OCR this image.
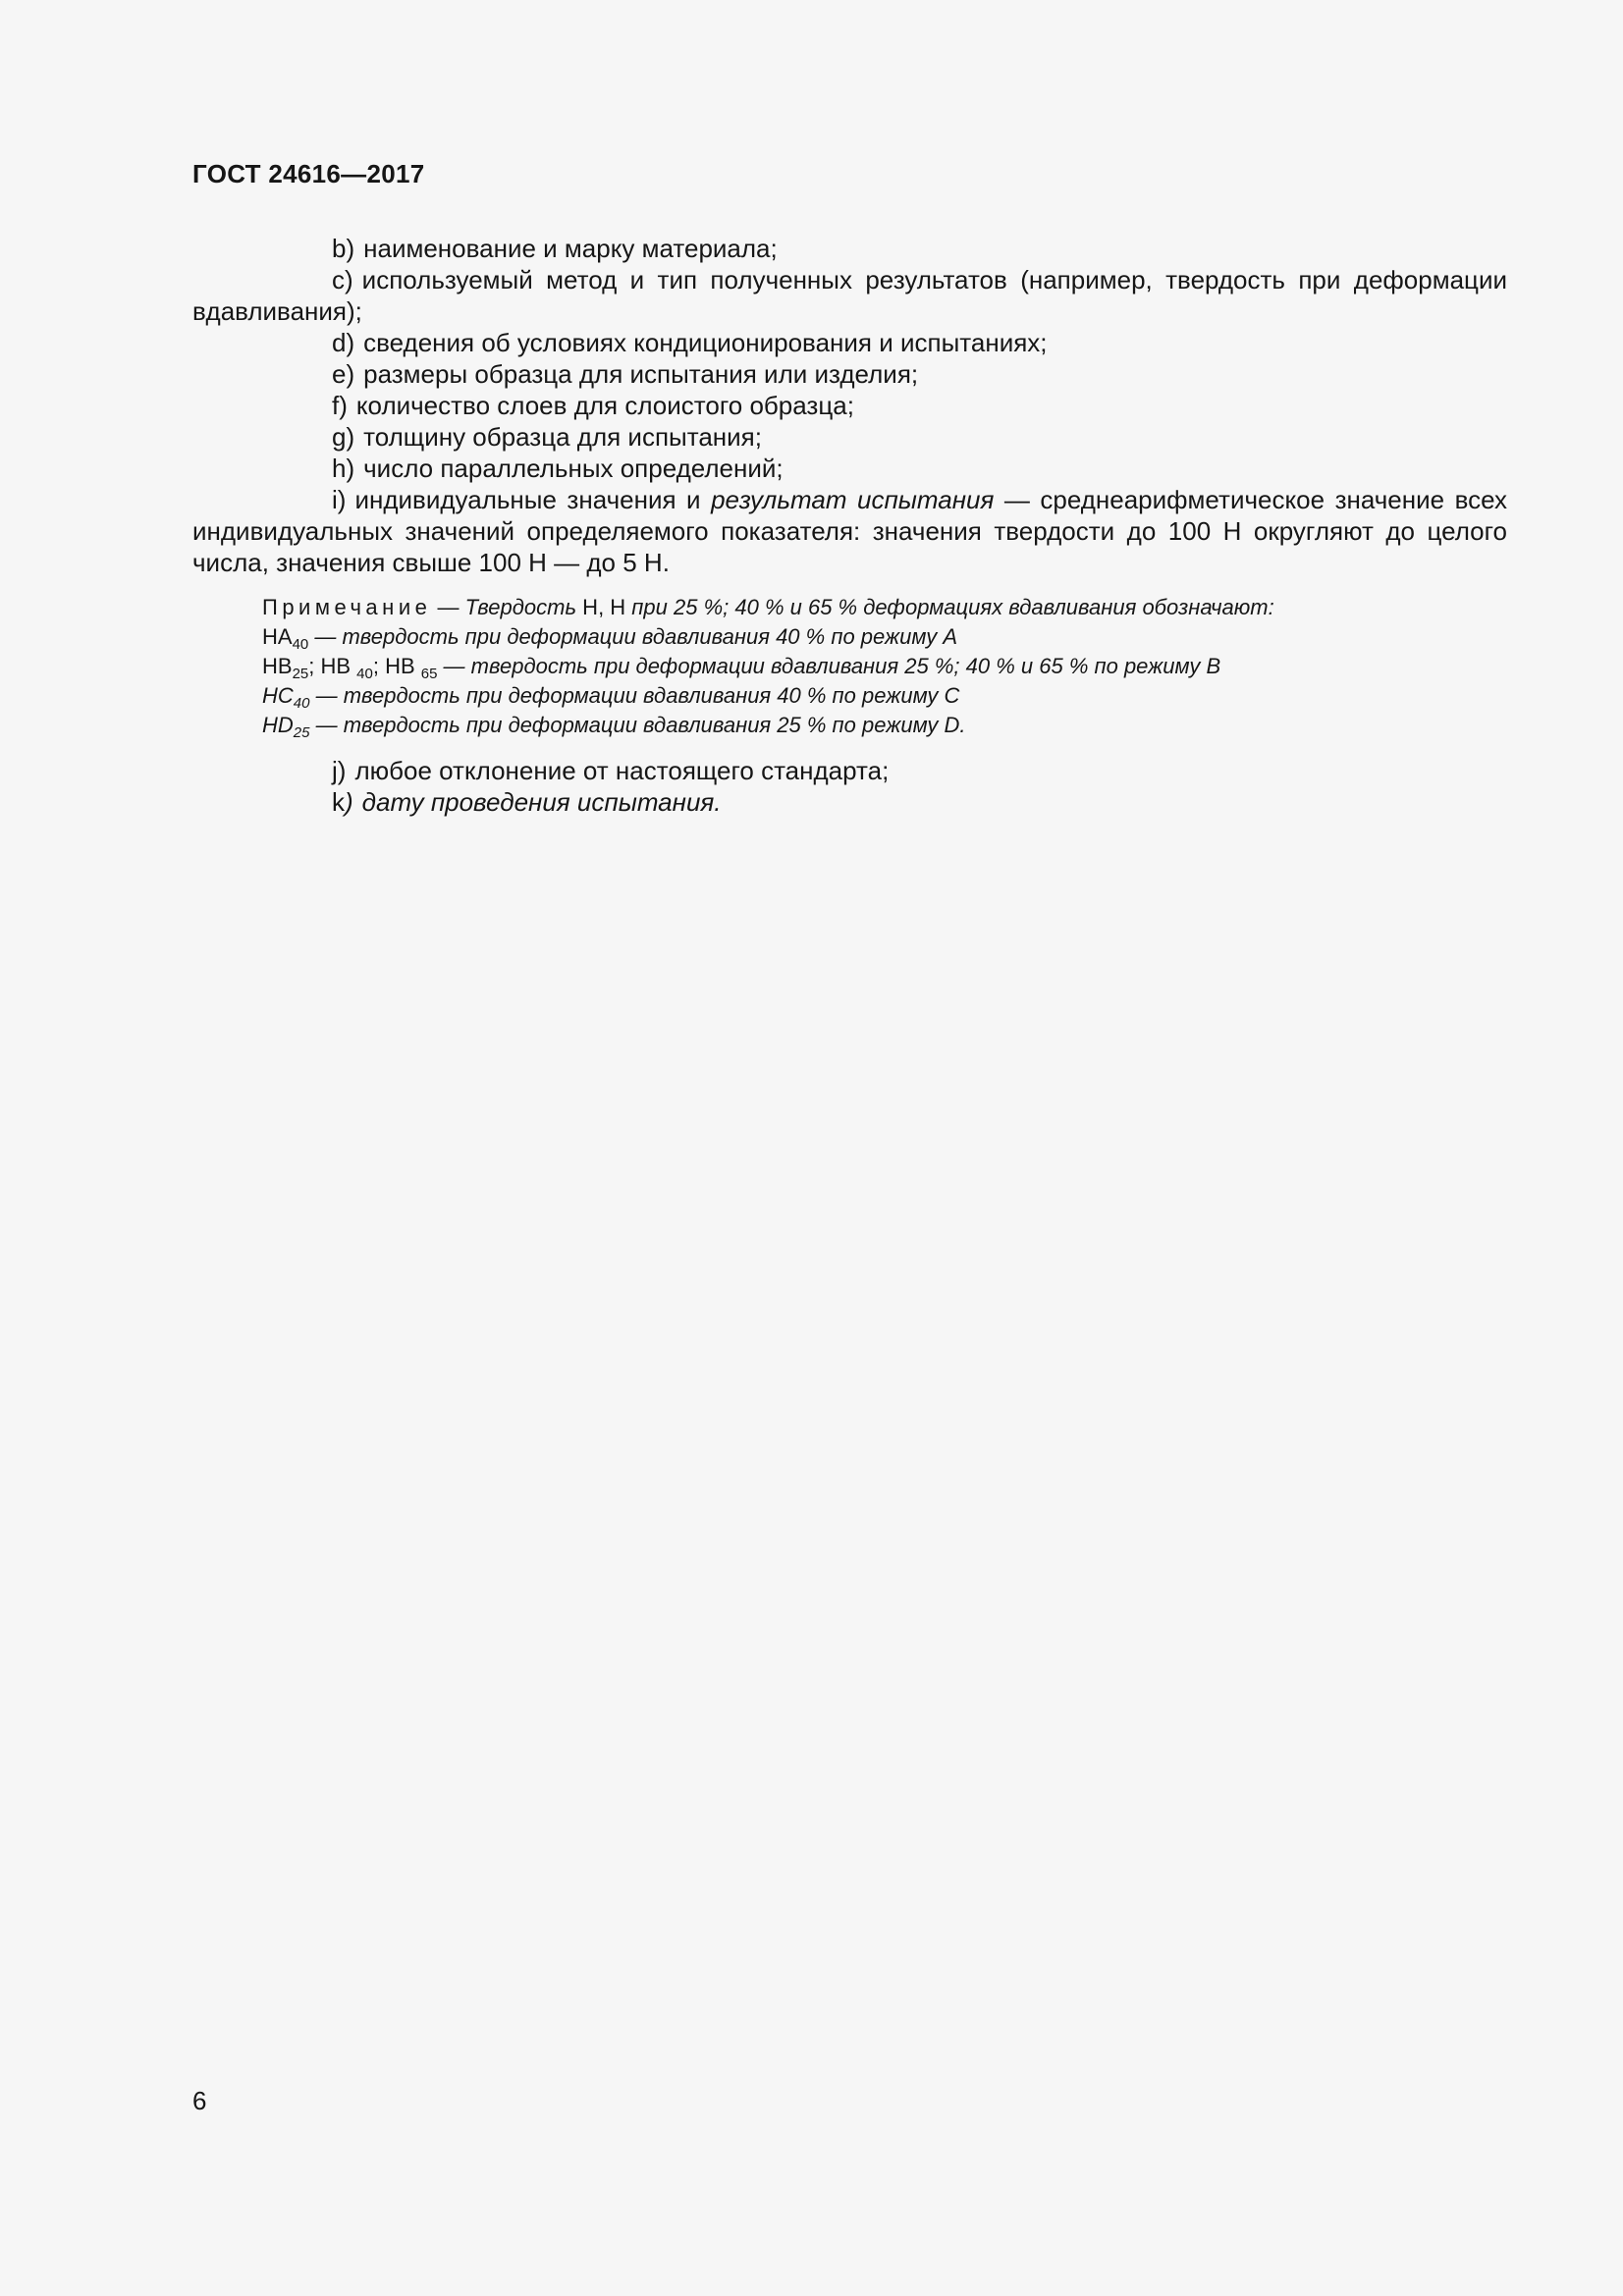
ГОСТ 24616—2017
b) наименование и марку материала;
c) используемый метод и тип полученных результатов (например, твердость при деформации вдавливания);
d) сведения об условиях кондиционирования и испытаниях;
e) размеры образца для испытания или изделия;
f) количество слоев для слоистого образца;
g) толщину образца для испытания;
h) число параллельных определений;
i) индивидуальные значения и результат испытания — среднеарифметическое значение всех индивидуальных значений определяемого показателя: значения твердости до 100 Н округляют до целого числа, значения свыше 100 Н — до 5 Н.
Примечание — Твердость Н, Н при 25 %; 40 % и 65 % деформациях вдавливания обозначают:
$HA_{40}$ — твердость при деформации вдавливания 40 % по режиму А
$HB_{25}$; HB $_{40}$; HB $_{65}$ — твердость при деформации вдавливания 25 %; 40 % и 65 % по режиму В
$HC_{40}$ — твердость при деформации вдавливания 40 % по режиму С
$HD_{25}$ — твердость при деформации вдавливания 25 % по режиму D.
j) любое отклонение от настоящего стандарта;
k) дату проведения испытания.
6
